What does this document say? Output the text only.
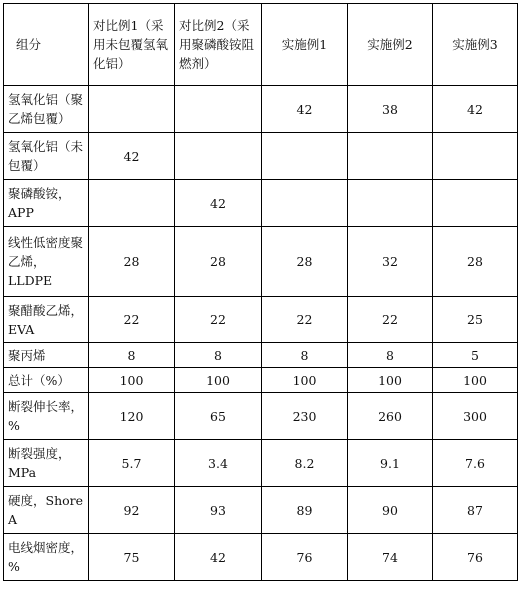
组分	对比例1（采用未包覆氢氧化铝）	对比例2（采用聚磷酸铵阻燃剂）	实施例1	实施例2	实施例3
氢氧化铝（聚乙烯包覆）			42	38	42
氢氧化铝（未包覆）	42				
聚磷酸铵，APP		42			
线性低密度聚乙烯，LLDPE	28	28	28	32	28
聚醋酸乙烯，EVA	22	22	22	22	25
聚丙烯	8	8	8	8	5
总计（%）	100	100	100	100	100
断裂伸长率，%	120	65	230	260	300
断裂强度，MPa	5.7	3.4	8.2	9.1	7.6
硬度，Shore A	92	93	89	90	87
电线烟密度，%	75	42	76	74	76
